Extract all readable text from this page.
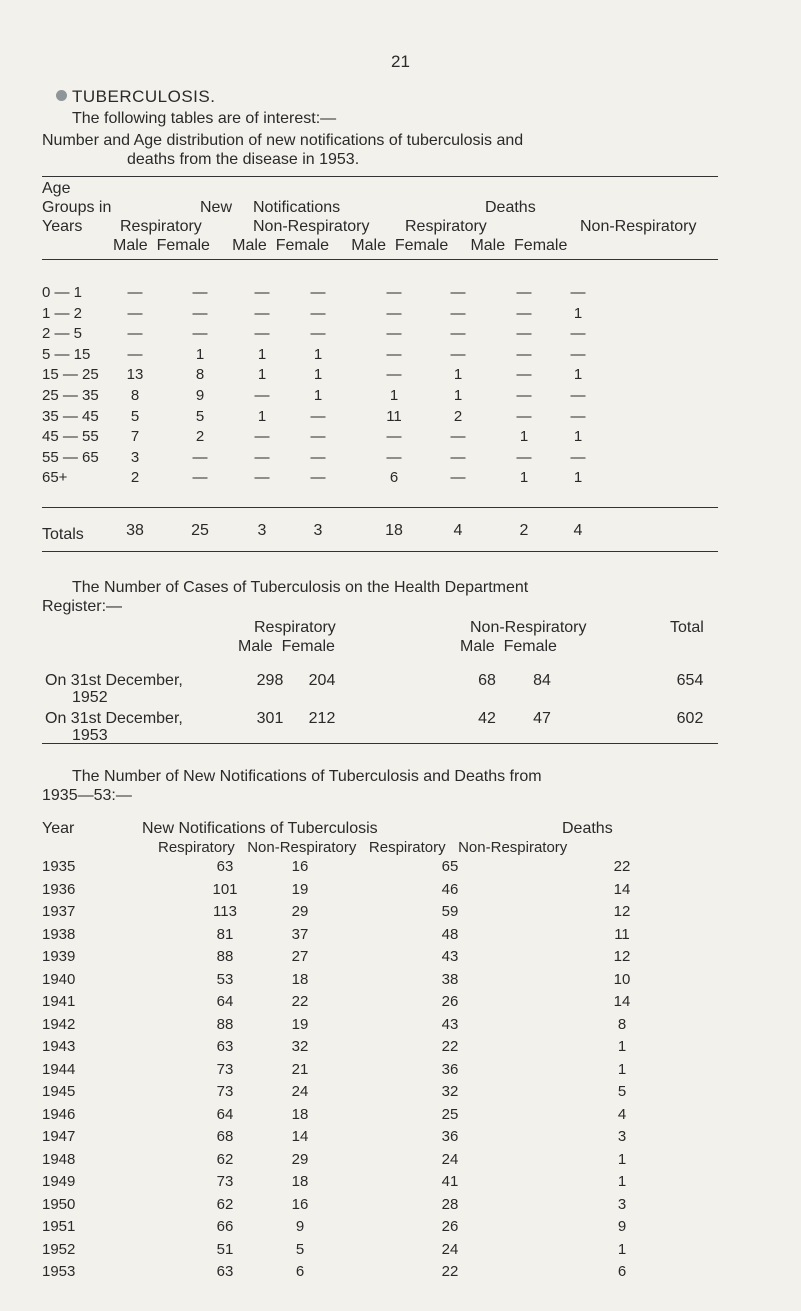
21
TUBERCULOSIS.
The following tables are of interest:—
Number and Age distribution of new notifications of tuberculosis and
deaths from the disease in 1953.
Age
Groups in
Years
New Notifications	Deaths
Respiratory	Non-Respiratory Respiratory	Non-Respiratory
Male  Female     Male  Female     Male  Female     Male  Female
0 — 1	—	—	—	—	—	—	—	—
1 — 2	—	—	—	—	—	—	—	1
2 — 5	—	—	—	—	—	—	—	—
5 — 15	—	1	1	1	—	—	—	—
15 — 25	13	8	1	1	—	1	—	1
25 — 35	8	9	—	1	1	1	—	—
35 — 45	5	5	1	—	11	2	—	—
45 — 55	7	2	—	—	—	—	1	1
55 — 65	3	—	—	—	—	—	—	—
65+	2	—	—	—	6	—	1	1
Totals	38	25	3	3	18	4	2	4
The Number of Cases of Tuberculosis on the Health Department
Register:—
Respiratory	Non-Respiratory	Total
Male  Female	Male  Female
On 31st December,
1952
298	204	68	84	654
On 31st December,
1953
301	212	42	47	602
The Number of New Notifications of Tuberculosis and Deaths from
1935—53:—
Year	New Notifications of Tuberculosis	Deaths
Respiratory   Non-Respiratory   Respiratory   Non-Respiratory
1935	63	16	65	22
1936	101	19	46	14
1937	113	29	59	12
1938	81	37	48	11
1939	88	27	43	12
1940	53	18	38	10
1941	64	22	26	14
1942	88	19	43	8
1943	63	32	22	1
1944	73	21	36	1
1945	73	24	32	5
1946	64	18	25	4
1947	68	14	36	3
1948	62	29	24	1
1949	73	18	41	1
1950	62	16	28	3
1951	66	9	26	9
1952	51	5	24	1
1953	63	6	22	6
